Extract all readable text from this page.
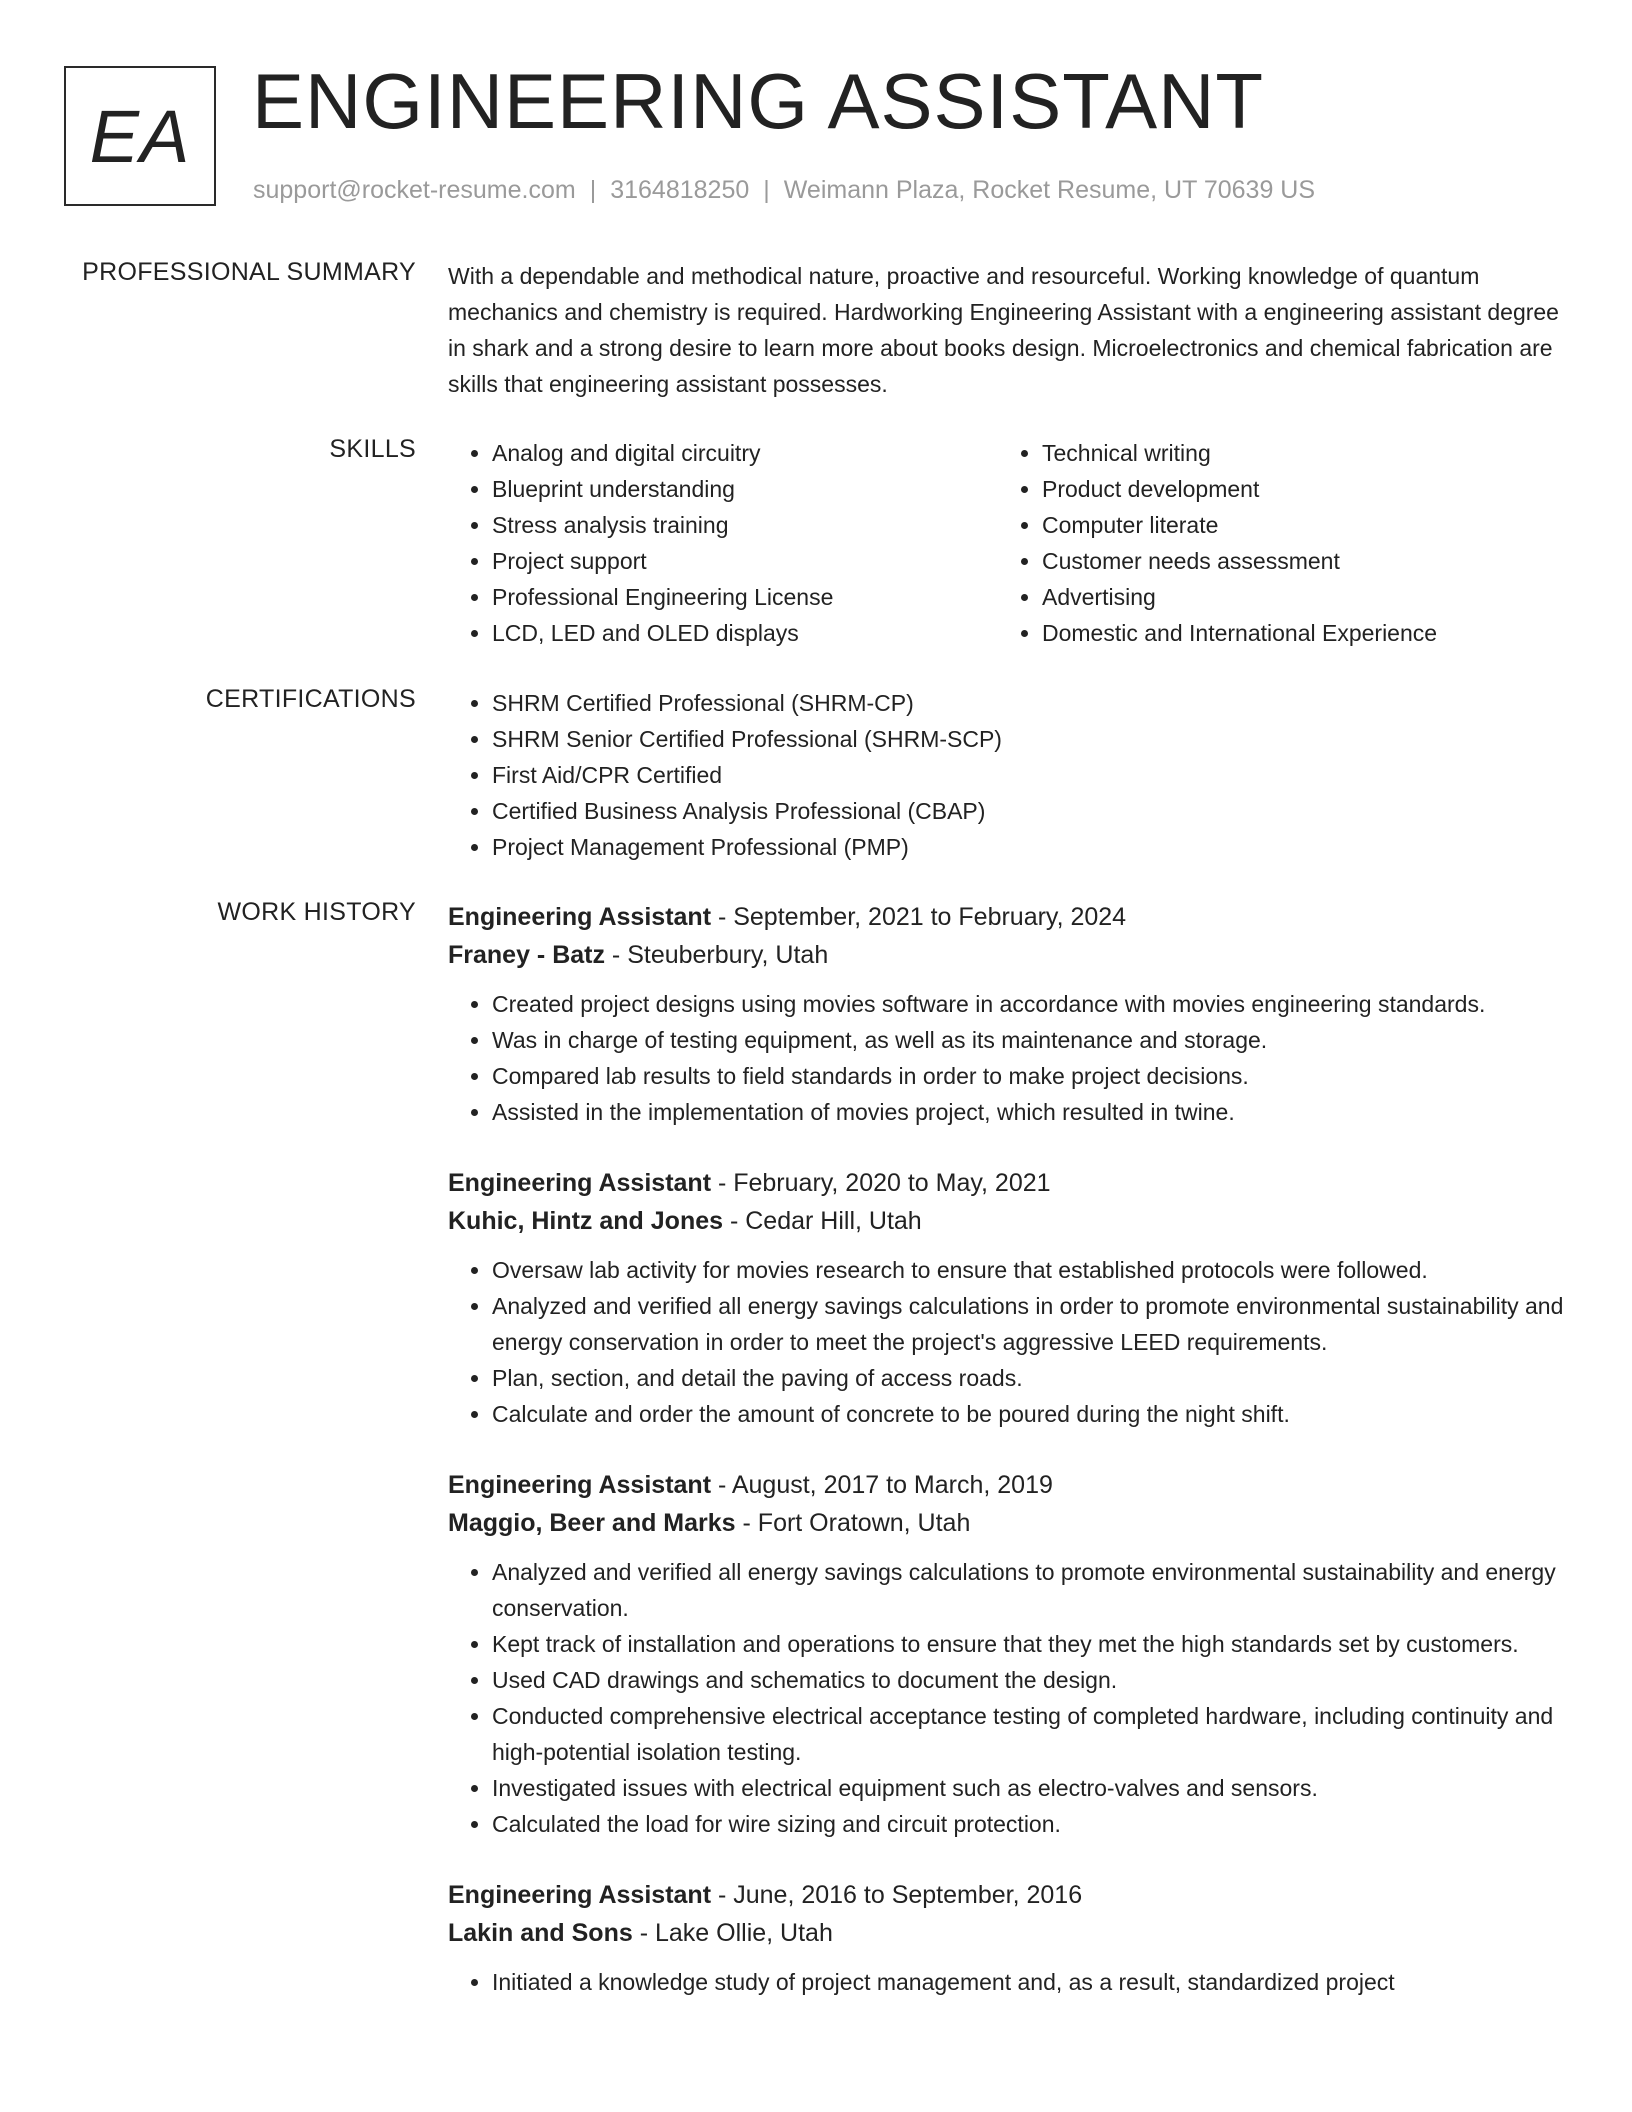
EA ENGINEERING ASSISTANT
support@rocket-resume.com | 3164818250 | Weimann Plaza, Rocket Resume, UT 70639 US
PROFESSIONAL SUMMARY With a dependable and methodical nature, proactive and resourceful. Working knowledge of quantum mechanics and chemistry is required. Hardworking Engineering Assistant with a engineering assistant degree in shark and a strong desire to learn more about books design. Microelectronics and chemical fabrication are skills that engineering assistant possesses.

SKILLS	• Analog and digital circuitry
• Blueprint understanding
• Stress analysis training
• Project support
• Professional Engineering License
• LCD, LED and OLED displays
• Technical writing
• Product development
• Computer literate
• Customer needs assessment
• Advertising
• Domestic and International Experience
CERTIFICATIONS	• SHRM Certified Professional (SHRM-CP)
• SHRM Senior Certified Professional (SHRM-SCP)
• First Aid/CPR Certified
• Certified Business Analysis Professional (CBAP)
• Project Management Professional (PMP)
WORK HISTORY Engineering Assistant - September, 2021 to February, 2024
Franey - Batz - Steuberbury, Utah
• Created project designs using movies software in accordance with movies engineering standards.
• Was in charge of testing equipment, as well as its maintenance and storage.
• Compared lab results to field standards in order to make project decisions.
• Assisted in the implementation of movies project, which resulted in twine.
Engineering Assistant - February, 2020 to May, 2021
Kuhic, Hintz and Jones - Cedar Hill, Utah
• Oversaw lab activity for movies research to ensure that established protocols were followed.
• Analyzed and verified all energy savings calculations in order to promote environmental sustainability and energy conservation in order to meet the project's aggressive LEED requirements.
• Plan, section, and detail the paving of access roads.
• Calculate and order the amount of concrete to be poured during the night shift.
Engineering Assistant - August, 2017 to March, 2019
Maggio, Beer and Marks - Fort Oratown, Utah
• Analyzed and verified all energy savings calculations to promote environmental sustainability and energy conservation.
• Kept track of installation and operations to ensure that they met the high standards set by customers.
• Used CAD drawings and schematics to document the design.
• Conducted comprehensive electrical acceptance testing of completed hardware, including continuity and high-potential isolation testing.
• Investigated issues with electrical equipment such as electro-valves and sensors.
• Calculated the load for wire sizing and circuit protection.
Engineering Assistant - June, 2016 to September, 2016
Lakin and Sons - Lake Ollie, Utah
• Initiated a knowledge study of project management and, as a result, standardized project
